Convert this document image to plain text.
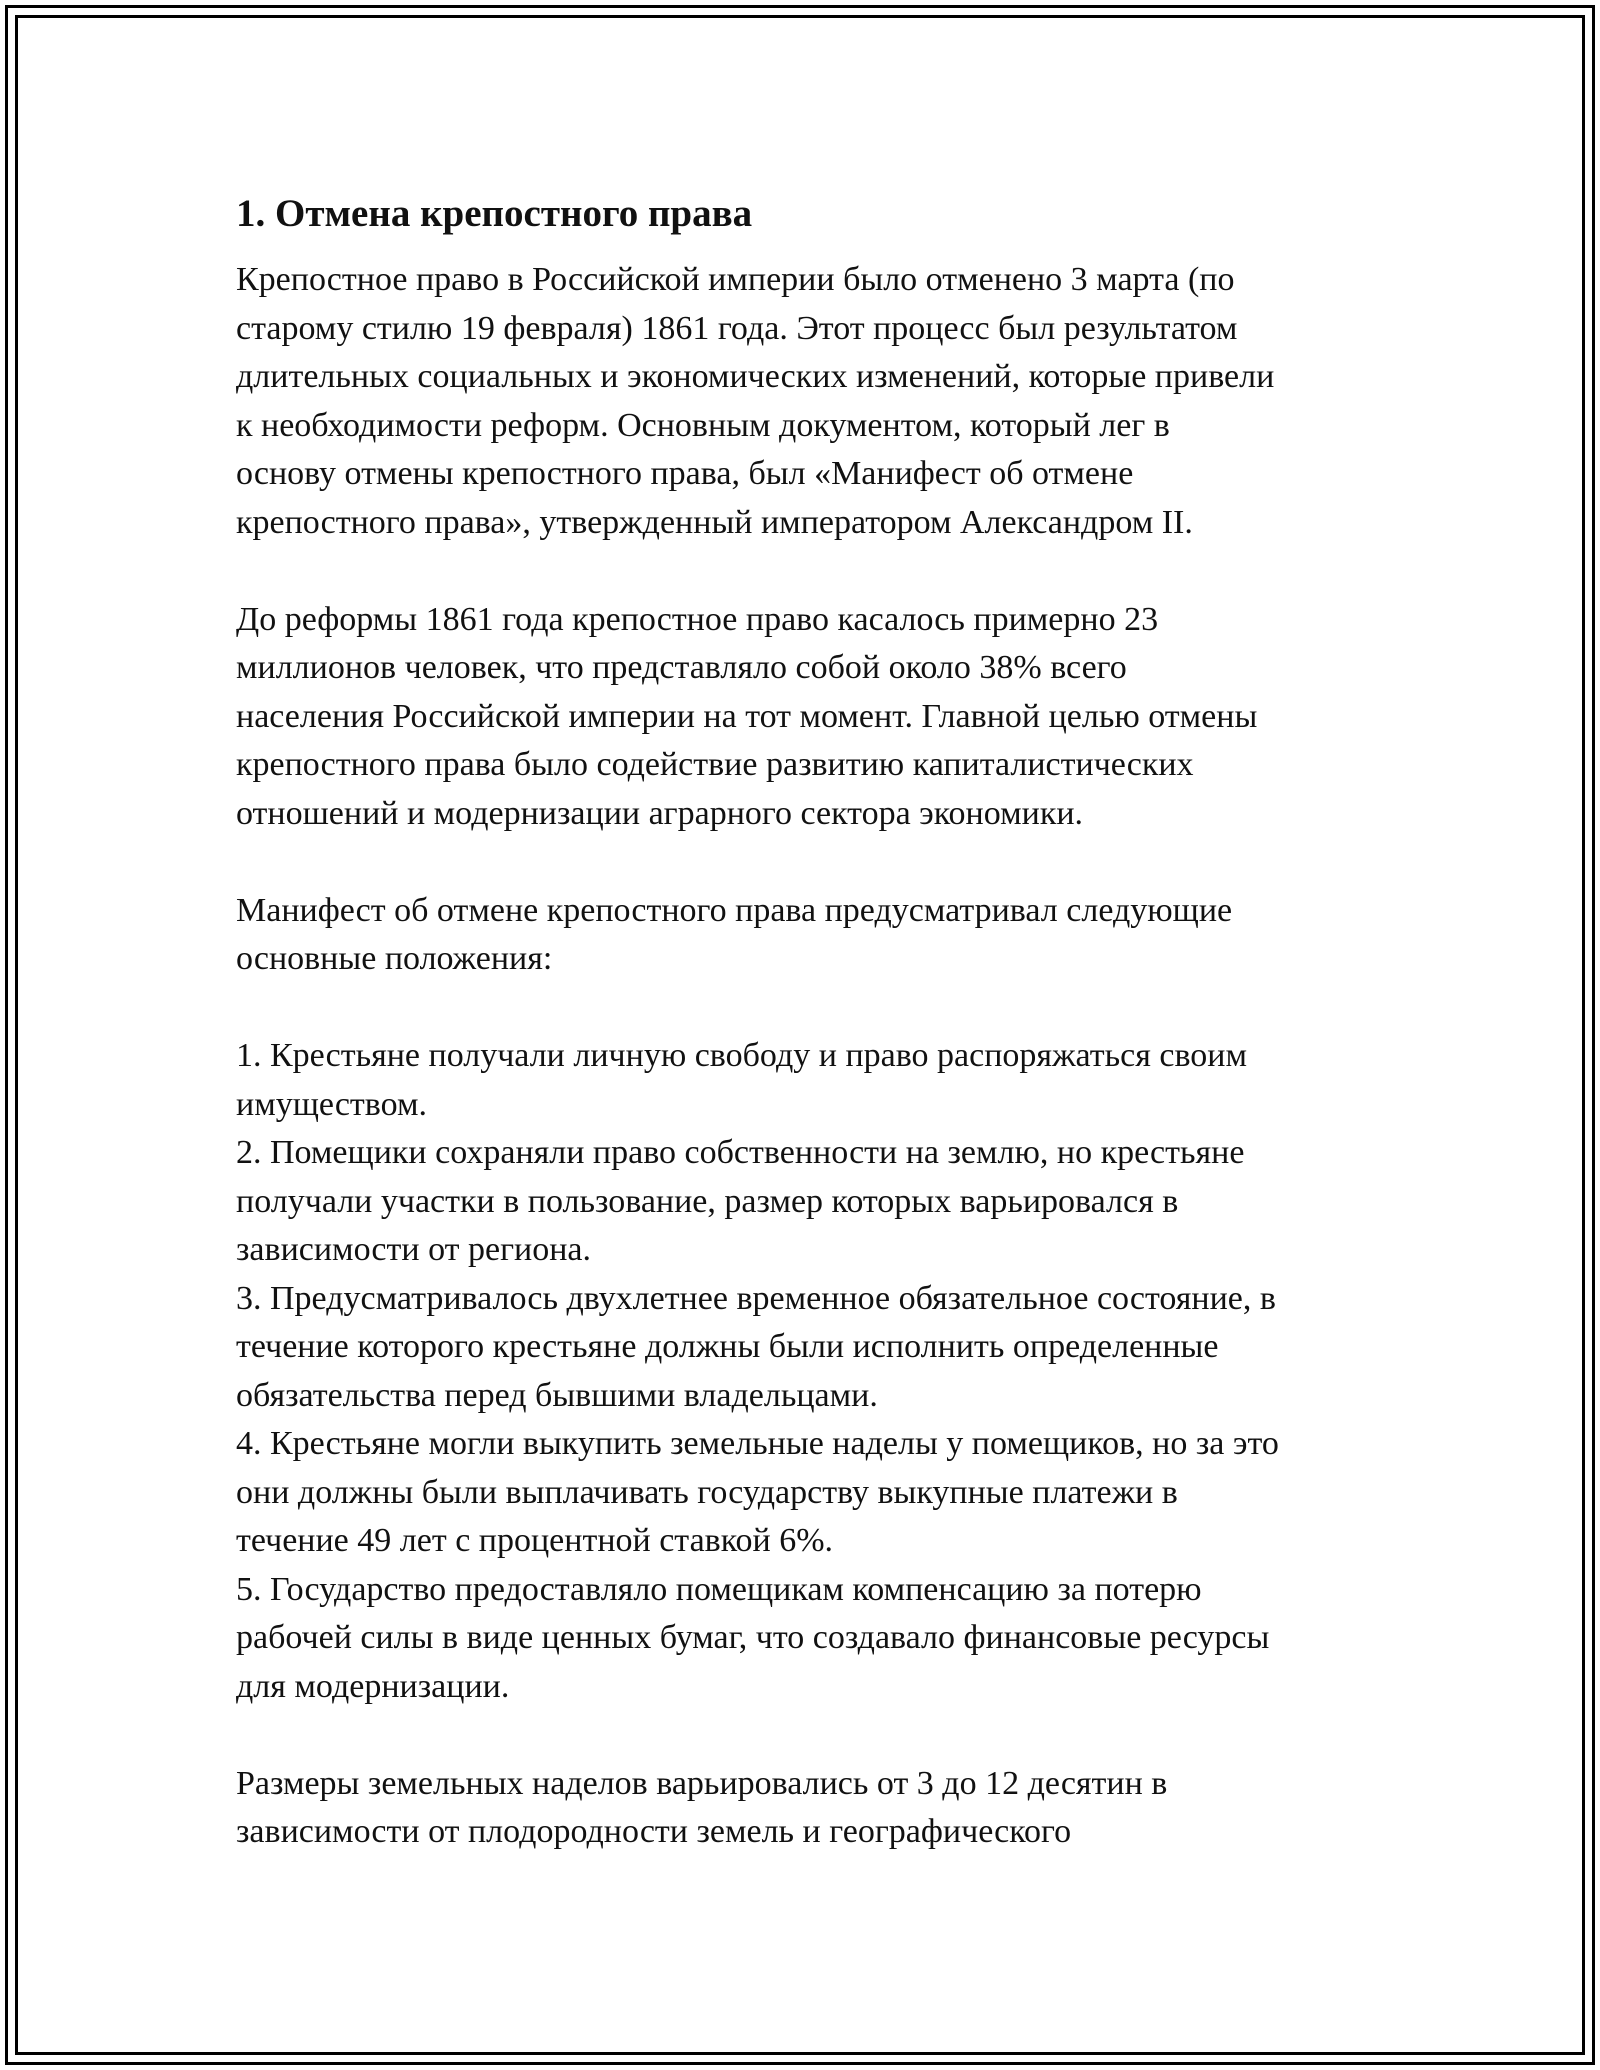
1. Отмена крепостного права
Крепостное право в Российской империи было отменено 3 марта (по
старому стилю 19 февраля) 1861 года. Этот процесс был результатом
длительных социальных и экономических изменений, которые привели
к необходимости реформ. Основным документом, который лег в
основу отмены крепостного права, был «Манифест об отмене
крепостного права», утвержденный императором Александром II.
До реформы 1861 года крепостное право касалось примерно 23
миллионов человек, что представляло собой около 38% всего
населения Российской империи на тот момент. Главной целью отмены
крепостного права было содействие развитию капиталистических
отношений и модернизации аграрного сектора экономики.
Манифест об отмене крепостного права предусматривал следующие
основные положения:
1. Крестьяне получали личную свободу и право распоряжаться своим
имуществом.
2. Помещики сохраняли право собственности на землю, но крестьяне
получали участки в пользование, размер которых варьировался в
зависимости от региона.
3. Предусматривалось двухлетнее временное обязательное состояние, в
течение которого крестьяне должны были исполнить определенные
обязательства перед бывшими владельцами.
4. Крестьяне могли выкупить земельные наделы у помещиков, но за это
они должны были выплачивать государству выкупные платежи в
течение 49 лет с процентной ставкой 6%.
5. Государство предоставляло помещикам компенсацию за потерю
рабочей силы в виде ценных бумаг, что создавало финансовые ресурсы
для модернизации.
Размеры земельных наделов варьировались от 3 до 12 десятин в
зависимости от плодородности земель и географического
